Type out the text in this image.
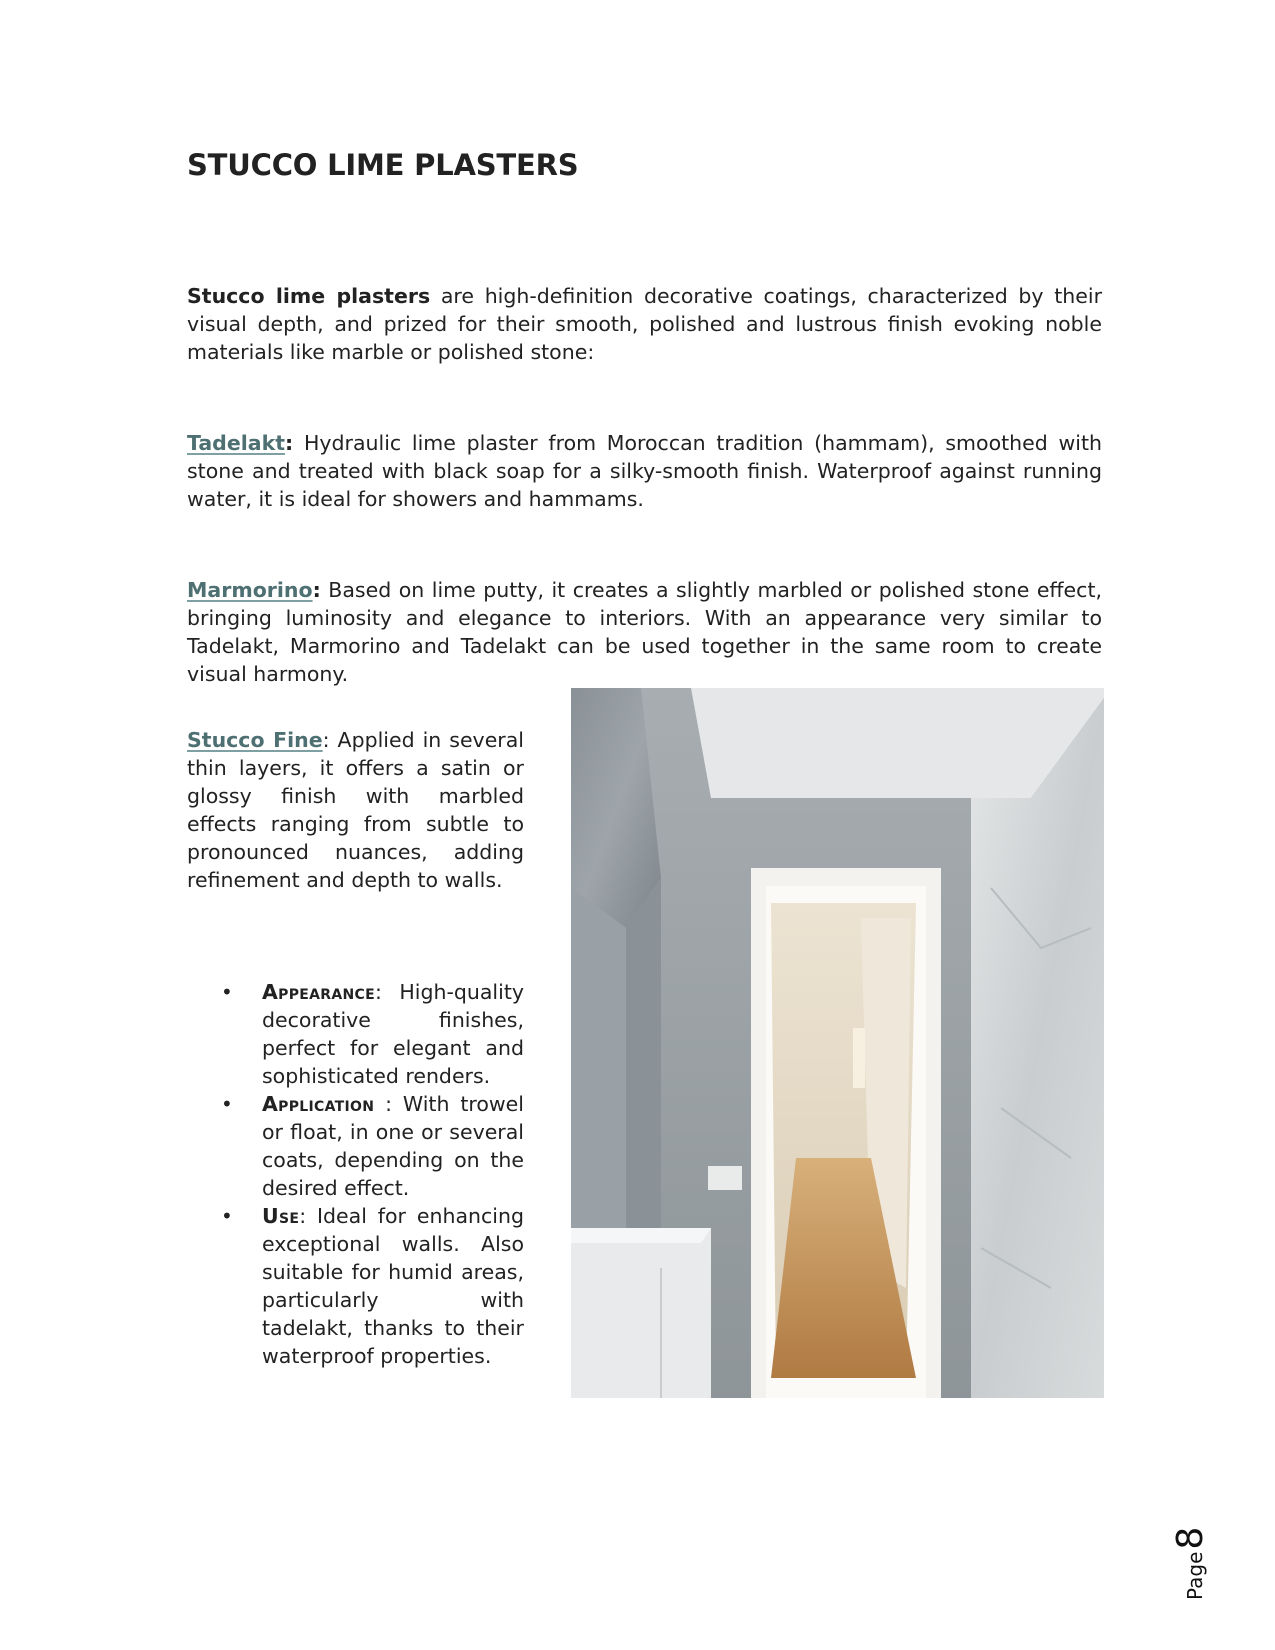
STUCCO LIME PLASTERS

Stucco lime plasters are high-definition decorative coatings, characterized by their visual depth, and prized for their smooth, polished and lustrous finish evoking noble materials like marble or polished stone:

Tadelakt: Hydraulic lime plaster from Moroccan tradition (hammam), smoothed with stone and treated with black soap for a silky-smooth finish. Waterproof against running water, it is ideal for showers and hammams.

Marmorino: Based on lime putty, it creates a slightly marbled or polished stone effect, bringing luminosity and elegance to interiors. With an appearance very similar to Tadelakt, Marmorino and Tadelakt can be used together in the same room to create visual harmony.

Stucco Fine: Applied in several thin layers, it offers a satin or glossy finish with marbled effects ranging from subtle to pronounced nuances, adding refinement and depth to walls.

• Appearance: High-quality decorative finishes, perfect for elegant and sophisticated renders.
• Application : With trowel or float, in one or several coats, depending on the desired effect.
• Use: Ideal for enhancing exceptional walls. Also suitable for humid areas, particularly with tadelakt, thanks to their waterproof properties.
Page
8
